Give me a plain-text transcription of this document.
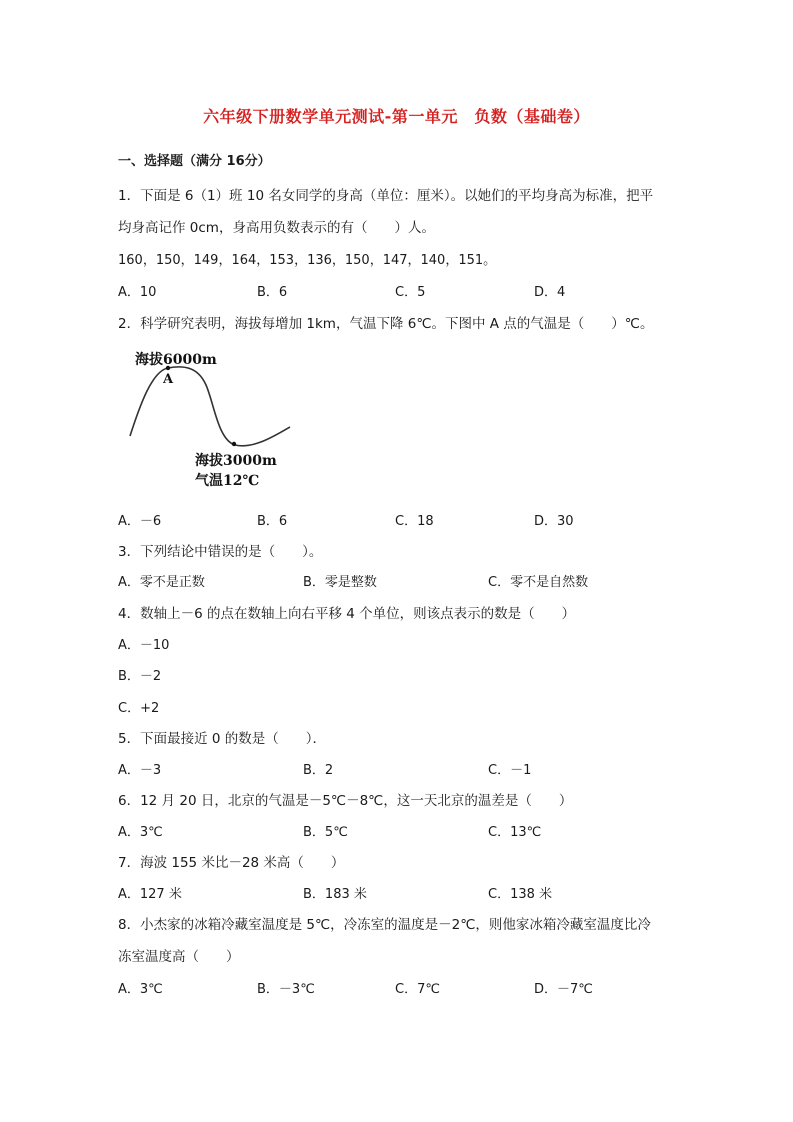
六年级下册数学单元测试-第一单元　负数（基础卷）
一、选择题（满分 16分）
1．下面是 6（1）班 10 名女同学的身高（单位：厘米）。以她们的平均身高为标准，把平
均身高记作 0cm，身高用负数表示的有（　　）人。
160，150，149，164，153，136，150，147，140，151。
A．10	B．6	C．5	D．4
2．科学研究表明，海拔每增加 1km，气温下降 6℃。下图中 A 点的气温是（　　）℃。
海拔6000m
A
海拔3000m
气温12℃
A．－6	B．6	C．18	D．30
3．下列结论中错误的是（　　）。
A．零不是正数	B．零是整数	C．零不是自然数
4．数轴上－6 的点在数轴上向右平移 4 个单位，则该点表示的数是（　　）
A．－10
B．－2
C．+2
5．下面最接近 0 的数是（　　）．
A．－3	B．2	C．－1
6．12 月 20 日，北京的气温是－5℃－8℃，这一天北京的温差是（　　）
A．3℃	B．5℃	C．13℃
7．海波 155 米比－28 米高（　　）
A．127 米	B．183 米	C．138 米
8．小杰家的冰箱冷藏室温度是 5℃，冷冻室的温度是－2℃，则他家冰箱冷藏室温度比冷
冻室温度高（　　）
A．3℃	B．－3℃	C．7℃	D．－7℃
